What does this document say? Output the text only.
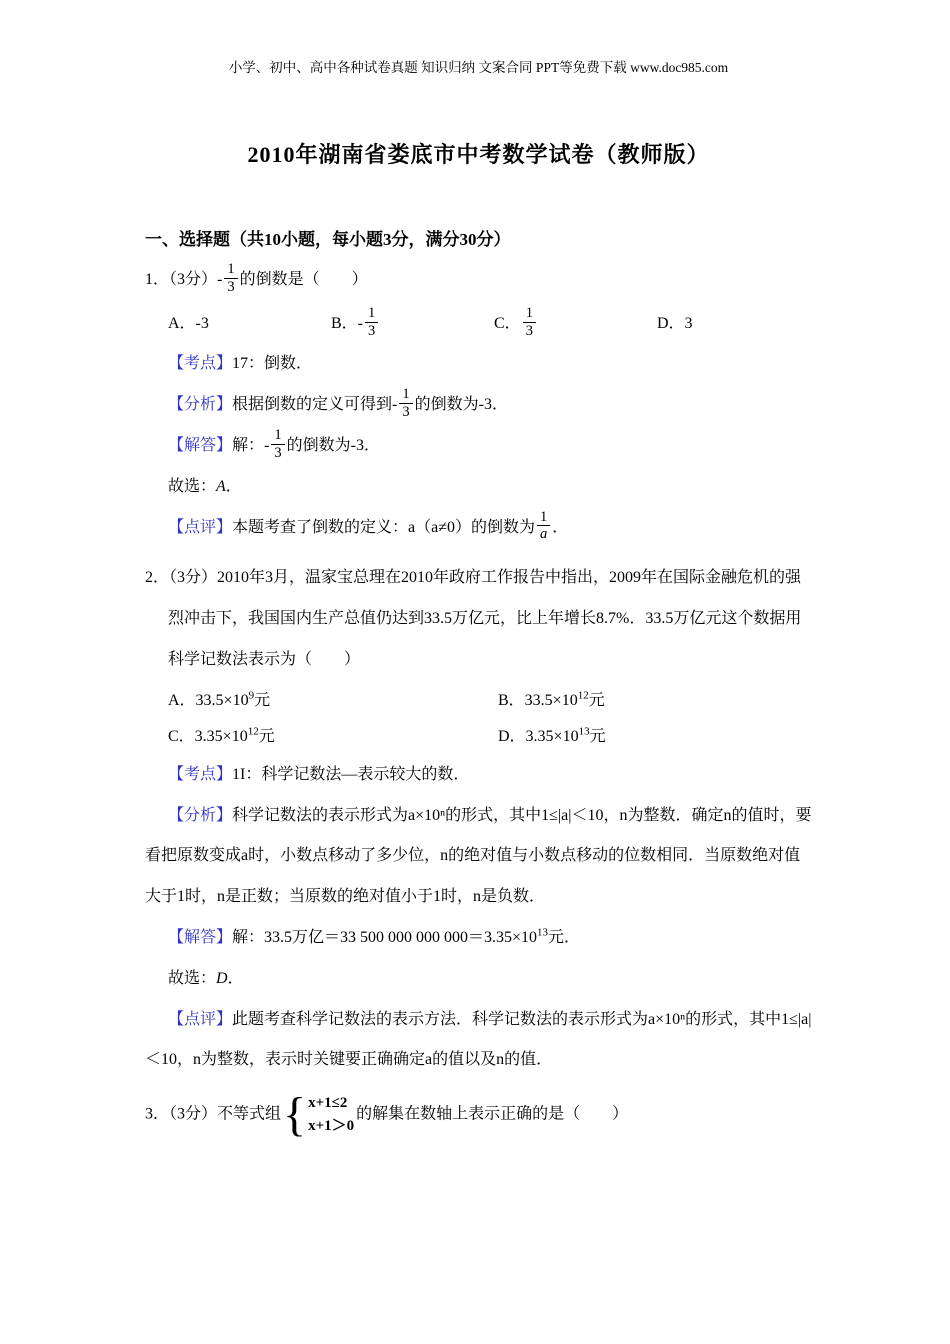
小学、初中、高中各种试卷真题 知识归纳 文案合同 PPT等免费下载 www.doc985.com
2010年湖南省娄底市中考数学试卷（教师版）
一、选择题（共10小题，每小题3分，满分30分）

1．（3分）- $\frac{1}{3}$ 的倒数是（　　）

A．-3	B．- $\frac{1}{3}$	C． $\frac{1}{3}$	D．3

【考点】17：倒数．

【分析】根据倒数的定义可得到- $\frac{1}{3}$ 的倒数为-3．

【解答】解：- $\frac{1}{3}$ 的倒数为-3．

故选：A．

【点评】本题考查了倒数的定义：a（a≠0）的倒数为 $\frac{1}{a}$ ．

2．（3分）2010年3月，温家宝总理在2010年政府工作报告中指出，2009年在国际金融危机的强烈冲击下，我国国内生产总值仍达到33.5万亿元，比上年增长8.7%．33.5万亿元这个数据用科学记数法表示为（　　）

A．$33.5\times 10^9$元	B．$33.5\times 10^{12}$元
C．$3.35\times 10^{12}$元	D．$3.35\times 10^{13}$元

【考点】1I：科学记数法—表示较大的数．

【分析】科学记数法的表示形式为a×10ⁿ的形式，其中1≤|a|＜10，n为整数．确定n的值时，要看把原数变成a时，小数点移动了多少位，n的绝对值与小数点移动的位数相同．当原数绝对值大于1时，n是正数；当原数的绝对值小于1时，n是负数．

【解答】解：33.5万亿＝33 500 000 000 $000=3.35\times 10^{13}$元．

故选：D．

【点评】此题考查科学记数法的表示方法．科学记数法的表示形式为a×10ⁿ的形式，其中1≤|a|＜10，n为整数，表示时关键要正确确定a的值以及n的值．

3．（3分）不等式组 { x+1≤2
x+1＞0
的解集在数轴上表示正确的是（　　）
